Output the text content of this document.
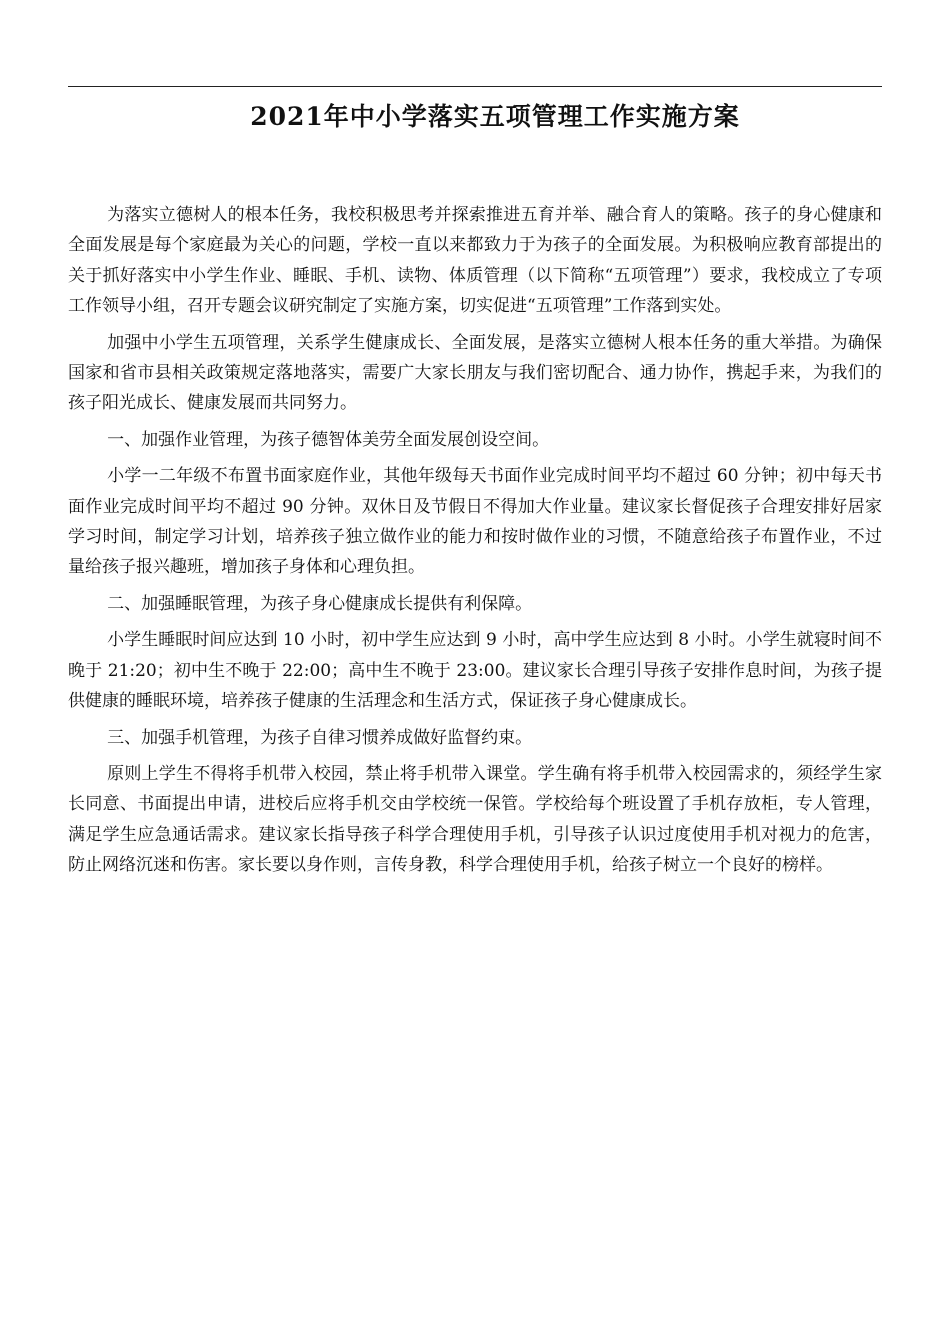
2021年中小学落实五项管理工作实施方案

为落实立德树人的根本任务，我校积极思考并探索推进五育并举、融合育人的策略。孩子的身心健康和全面发展是每个家庭最为关心的问题，学校一直以来都致力于为孩子的全面发展。为积极响应教育部提出的关于抓好落实中小学生作业、睡眠、手机、读物、体质管理（以下简称“五项管理”）要求，我校成立了专项工作领导小组，召开专题会议研究制定了实施方案，切实促进“五项管理”工作落到实处。

加强中小学生五项管理，关系学生健康成长、全面发展，是落实立德树人根本任务的重大举措。为确保国家和省市县相关政策规定落地落实，需要广大家长朋友与我们密切配合、通力协作，携起手来，为我们的孩子阳光成长、健康发展而共同努力。

一、加强作业管理，为孩子德智体美劳全面发展创设空间。

小学一二年级不布置书面家庭作业，其他年级每天书面作业完成时间平均不超过 60 分钟；初中每天书面作业完成时间平均不超过 90 分钟。双休日及节假日不得加大作业量。建议家长督促孩子合理安排好居家学习时间，制定学习计划，培养孩子独立做作业的能力和按时做作业的习惯，不随意给孩子布置作业，不过量给孩子报兴趣班，增加孩子身体和心理负担。

二、加强睡眠管理，为孩子身心健康成长提供有利保障。

小学生睡眠时间应达到 10 小时，初中学生应达到 9 小时，高中学生应达到 8 小时。小学生就寝时间不晚于 21:20；初中生不晚于 22:00；高中生不晚于 23:00。建议家长合理引导孩子安排作息时间，为孩子提供健康的睡眠环境，培养孩子健康的生活理念和生活方式，保证孩子身心健康成长。

三、加强手机管理，为孩子自律习惯养成做好监督约束。

原则上学生不得将手机带入校园，禁止将手机带入课堂。学生确有将手机带入校园需求的，须经学生家长同意、书面提出申请，进校后应将手机交由学校统一保管。学校给每个班设置了手机存放柜，专人管理，满足学生应急通话需求。建议家长指导孩子科学合理使用手机，引导孩子认识过度使用手机对视力的危害，防止网络沉迷和伤害。家长要以身作则，言传身教，科学合理使用手机，给孩子树立一个良好的榜样。
